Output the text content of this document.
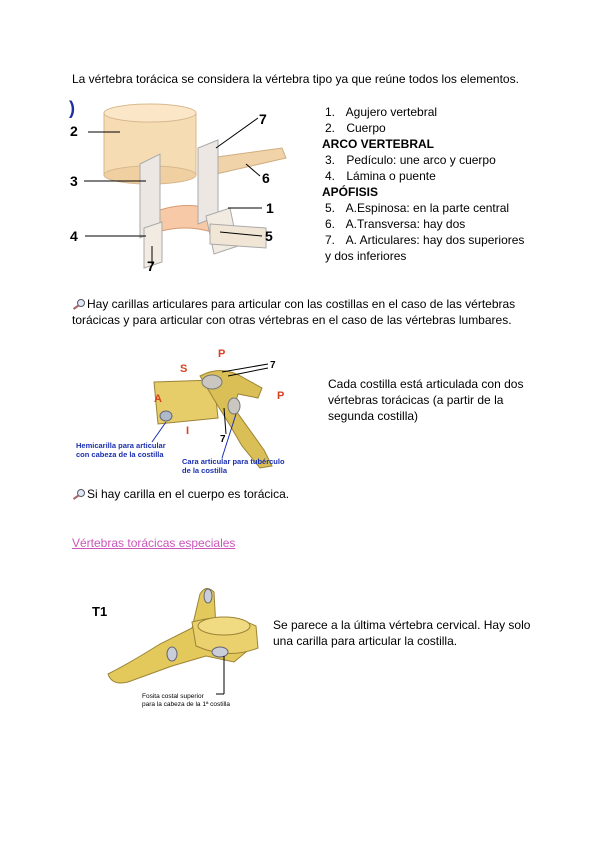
La vértebra torácica se considera la vértebra tipo ya que reúne todos los elementos.
)
2
3
4
7
6
1
5
7
1. Agujero vertebral
2. Cuerpo
ARCO VERTEBRAL
3. Pedículo: une arco y cuerpo
4. Lámina o puente
APÓFISIS
5. A.Espinosa: en la parte central
6. A.Transversa: hay dos
7. A. Articulares: hay dos superiores
y dos inferiores
Hay carillas articulares para articular con las costillas en el caso de las vértebras torácicas y para articular con otras vértebras en el caso de las vértebras lumbares.
S
P
A	P
I
7
7
Hemicarilla para articular
con cabeza de la costilla
Cara articular para tubérculo
de la costilla
Cada costilla está articulada con dos vértebras torácicas (a partir de la segunda costilla)
Si hay carilla en el cuerpo es torácica.
Vértebras torácicas especiales
T1
Fosita costal superior
para la cabeza de la 1ª costilla
Se parece a la última vértebra cervical. Hay solo una carilla para articular la costilla.
